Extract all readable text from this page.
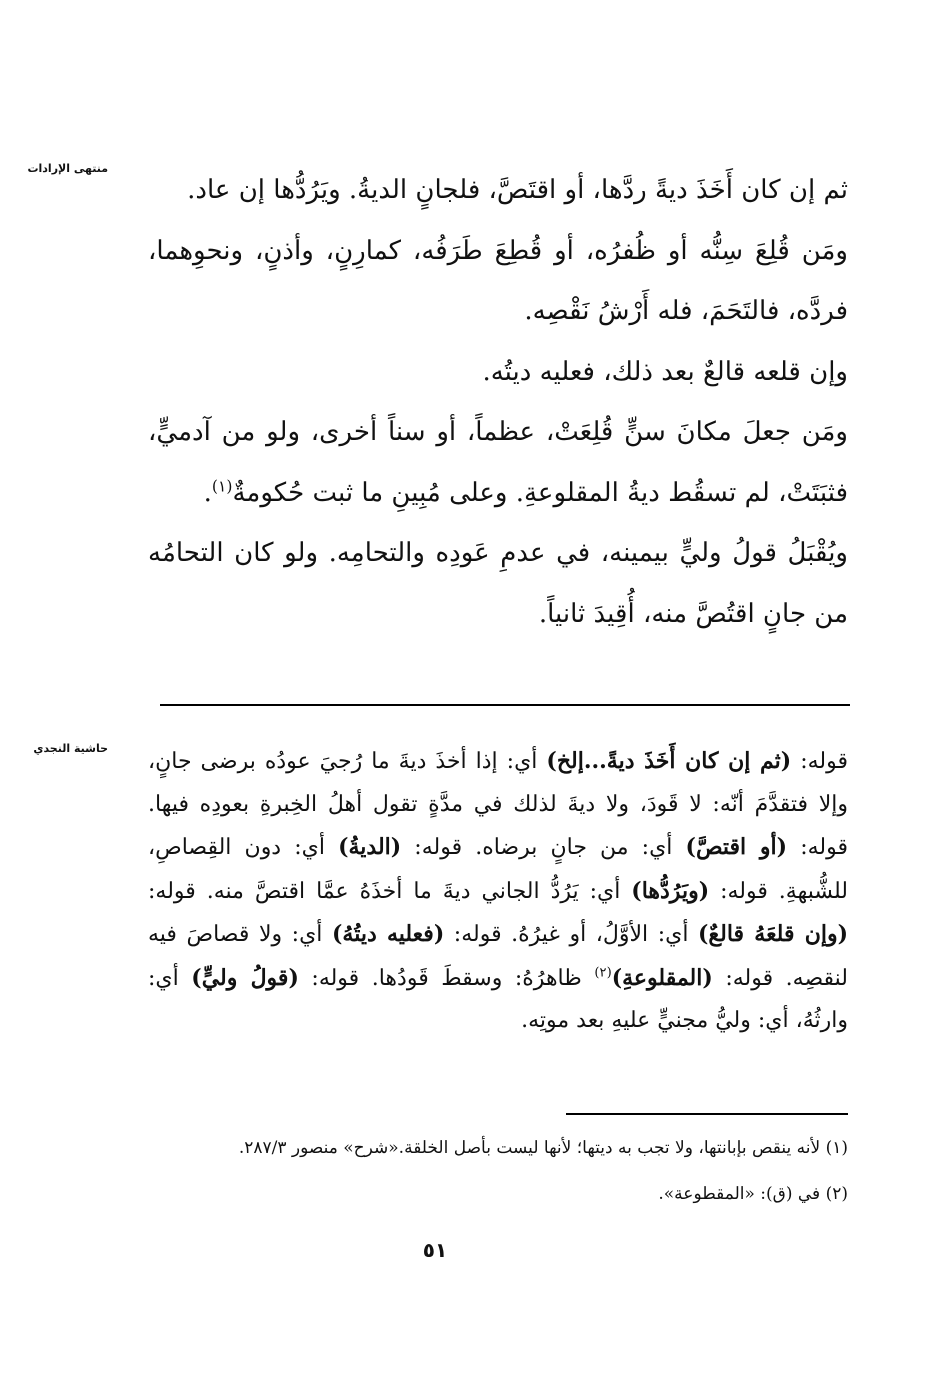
منتهى الإرادات

ثم إن كان أَخَذَ ديةً ردَّها، أو اقتَصَّ، فلجانٍ الديةُ. ويَرُدُّها إن عاد.

ومَن قُلِعَ سِنُّه أو ظُفرُه، أو قُطِعَ طَرَفُه، كمارِنٍ، وأذنٍ، ونحوِهما، فردَّه، فالتَحَمَ، فله أَرْشُ نَقْصِه.

وإن قلعه قالعٌ بعد ذلك، فعليه ديتُه.

ومَن جعلَ مكانَ سنٍّ قُلِعَتْ، عظماً، أو سناً أخرى، ولو من آدميٍّ، فثبَتَتْ، لم تسقُط ديةُ المقلوعةِ. وعلى مُبِينِ ما ثبت حُكومةٌ$^{(١)}$.

ويُقْبَلُ قولُ وليٍّ بيمينه، في عدمِ عَودِه والتحامِه. ولو كان التحامُه من جانٍ اقتُصَّ منه، أُقِيدَ ثانياً.

حاشية النجدي

قوله: (ثم إن كان أَخَذَ ديةً...إلخ) أي: إذا أخذَ ديةَ ما رُجيَ عودُه برضى جانٍ، وإلا فتقدَّمَ أنّه: لا قَودَ، ولا ديةَ لذلك في مدَّةٍ تقول أهلُ الخِبرةِ بعودِه فيها. قوله: (أو اقتصَّ) أي: من جانٍ برضاه. قوله: (الديةُ) أي: دون القِصاصِ، للشُّبهةِ. قوله: (ويَرُدُّها) أي: يَرُدُّ الجاني ديةَ ما أخذَهُ عمَّا اقتصَّ منه. قوله: (وإن قلعَهُ قالعٌ) أي: الأوَّلُ، أو غيرُهُ. قوله: (فعليه ديتُهُ) أي: ولا قصاصَ فيه لنقصِه. قوله: (المقلوعةِ)$^{(٢)}$ ظاهرُهُ: وسقطَ قَودُها. قوله: (قولُ وليٍّ) أي: وارثُهُ، أي: وليُّ مجنيٍّ عليهِ بعد موتِه.

(١) لأنه ينقص بإبانتها، ولا تجب به ديتها؛ لأنها ليست بأصل الخلقة.«شرح» منصور ٢٨٧/٣.

(٢) في (ق): «المقطوعة».

٥١
